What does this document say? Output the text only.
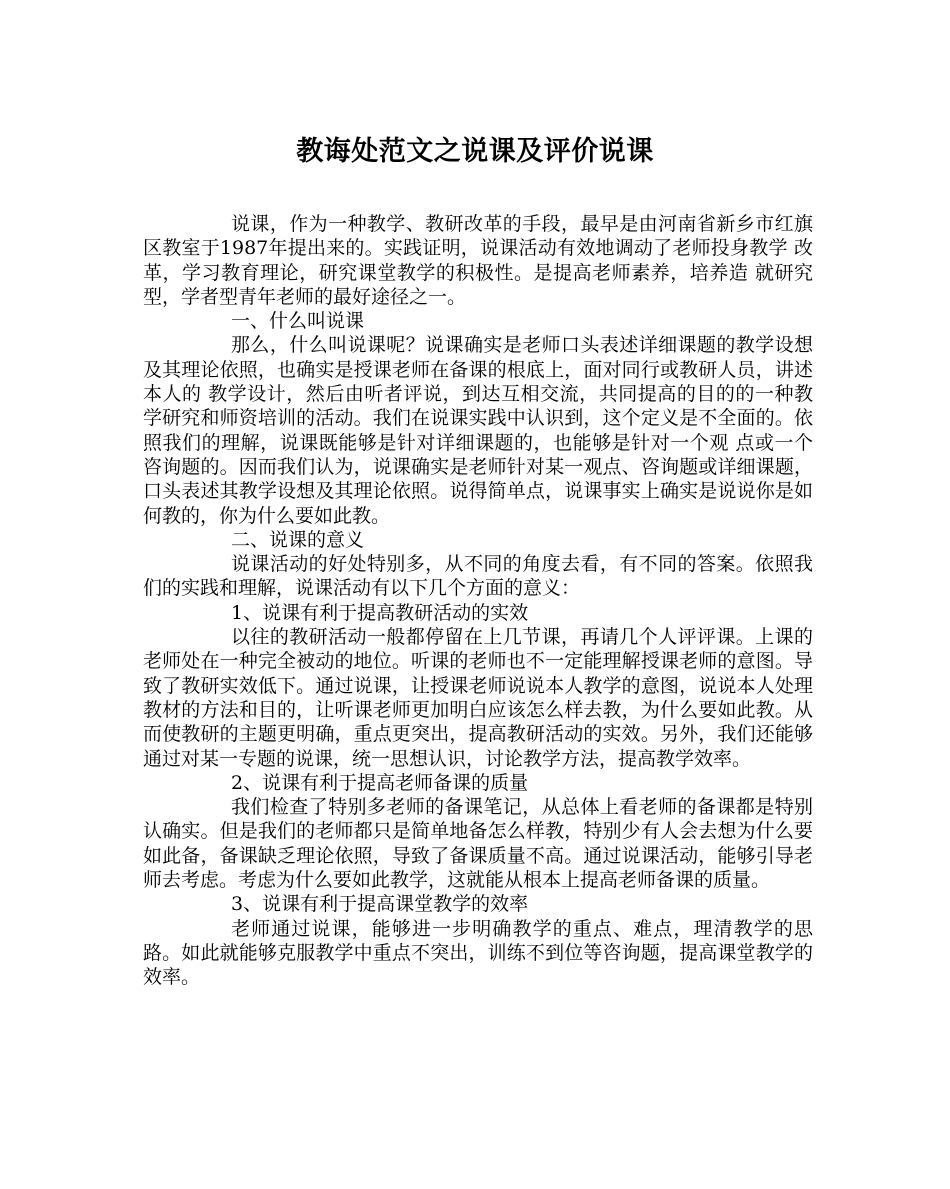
教诲处范文之说课及评价说课

说课，作为一种教学、教研改革的手段，最早是由河南省新乡市红旗区教室于1987年提出来的。实践证明，说课活动有效地调动了老师投身教学 改革，学习教育理论，研究课堂教学的积极性。是提高老师素养，培养造 就研究型，学者型青年老师的最好途径之一。

一、什么叫说课

那么，什么叫说课呢？说课确实是老师口头表述详细课题的教学设想及其理论依照，也确实是授课老师在备课的根底上，面对同行或教研人员，讲述本人的 教学设计，然后由听者评说，到达互相交流，共同提高的目的的一种教学研究和师资培训的活动。我们在说课实践中认识到，这个定义是不全面的。依照我们的理解，说课既能够是针对详细课题的，也能够是针对一个观 点或一个咨询题的。因而我们认为，说课确实是老师针对某一观点、咨询题或详细课题，口头表述其教学设想及其理论依照。说得简单点，说课事实上确实是说说你是如何教的，你为什么要如此教。

二、说课的意义

说课活动的好处特别多，从不同的角度去看，有不同的答案。依照我们的实践和理解，说课活动有以下几个方面的意义：

1、说课有利于提高教研活动的实效

以往的教研活动一般都停留在上几节课，再请几个人评评课。上课的老师处在一种完全被动的地位。听课的老师也不一定能理解授课老师的意图。导致了教研实效低下。通过说课，让授课老师说说本人教学的意图，说说本人处理教材的方法和目的，让听课老师更加明白应该怎么样去教，为什么要如此教。从而使教研的主题更明确，重点更突出，提高教研活动的实效。另外，我们还能够通过对某一专题的说课，统一思想认识，讨论教学方法，提高教学效率。

2、说课有利于提高老师备课的质量

我们检查了特别多老师的备课笔记，从总体上看老师的备课都是特别认确实。但是我们的老师都只是简单地备怎么样教，特别少有人会去想为什么要如此备，备课缺乏理论依照，导致了备课质量不高。通过说课活动，能够引导老师去考虑。考虑为什么要如此教学，这就能从根本上提高老师备课的质量。

3、说课有利于提高课堂教学的效率

老师通过说课，能够进一步明确教学的重点、难点，理清教学的思路。如此就能够克服教学中重点不突出，训练不到位等咨询题，提高课堂教学的效率。
